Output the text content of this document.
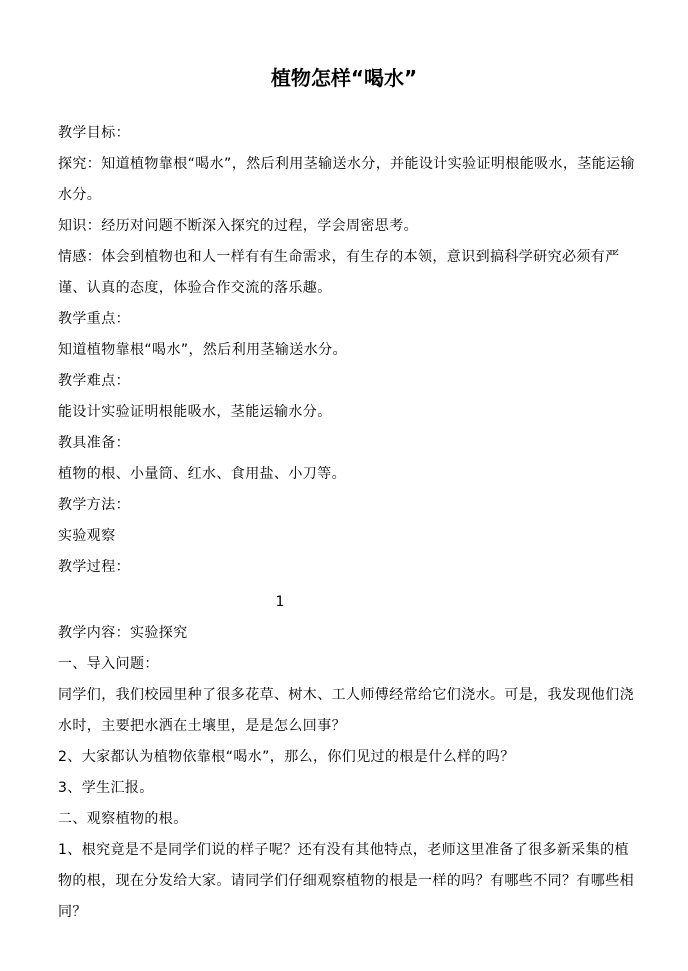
植物怎样“喝水”

教学目标：

探究：知道植物靠根“喝水”，然后利用茎输送水分，并能设计实验证明根能吸水，茎能运输水分。

知识：经历对问题不断深入探究的过程，学会周密思考。

情感：体会到植物也和人一样有有生命需求，有生存的本领，意识到搞科学研究必须有严谨、认真的态度，体验合作交流的落乐趣。

教学重点：

知道植物靠根“喝水”，然后利用茎输送水分。

教学难点：

能设计实验证明根能吸水，茎能运输水分。

教具准备：

植物的根、小量筒、红水、食用盐、小刀等。

教学方法：

实验观察

教学过程：

1

教学内容：实验探究

一、导入问题：

同学们，我们校园里种了很多花草、树木、工人师傅经常给它们浇水。可是，我发现他们浇水时，主要把水洒在土壤里，是是怎么回事？

2、大家都认为植物依靠根“喝水”，那么，你们见过的根是什么样的吗？

3、学生汇报。

二、观察植物的根。

1、根究竟是不是同学们说的样子呢？还有没有其他特点，老师这里准备了很多新采集的植物的根，现在分发给大家。请同学们仔细观察植物的根是一样的吗？有哪些不同？有哪些相同？
